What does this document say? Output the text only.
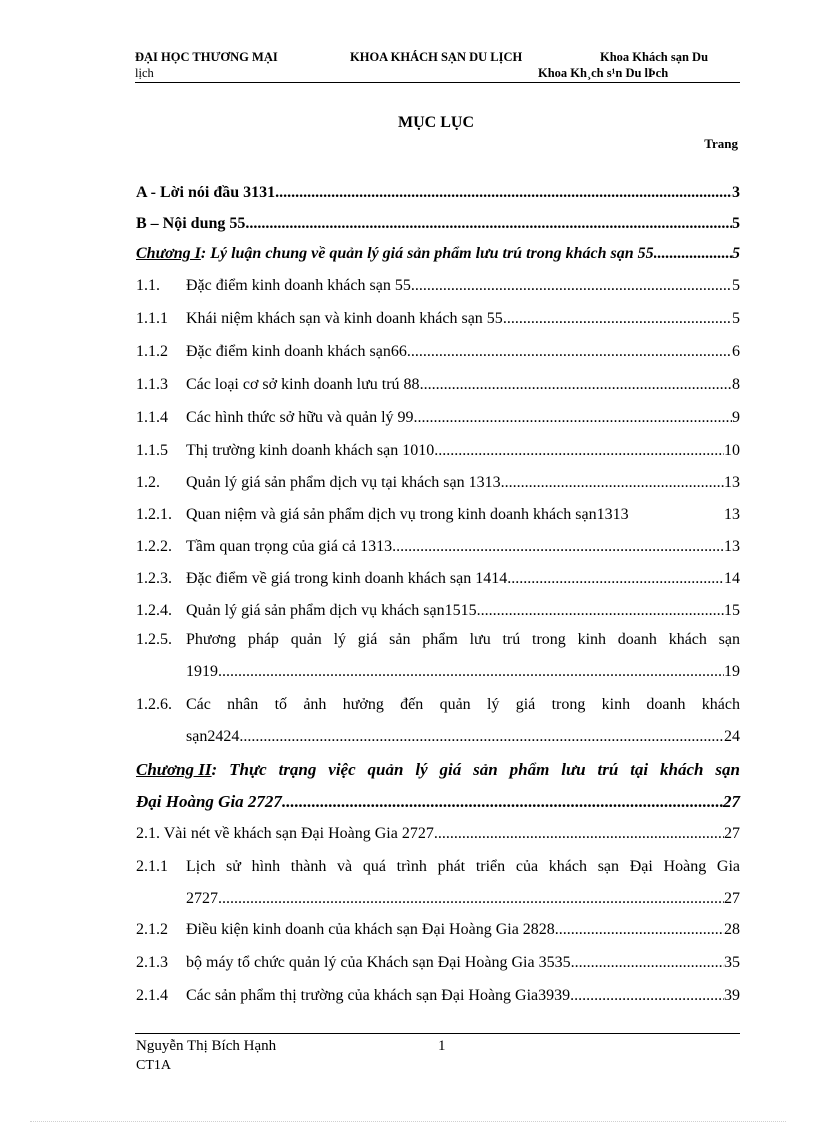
ĐẠI HỌC THƯƠNG MẠI	KHOA KHÁCH SẠN DU LỊCH	Khoa Khách sạn Du
lịch	Khoa Kh¸ch s¹n Du lÞch
MỤC LỤC
Trang
A - Lời nói đầu 3131 .....	3
B – Nội dung 55 .....	5
Chương I : Lý luận chung về quản lý giá sản phẩm lưu trú trong khách sạn 55 .....	5
1.1.	Đặc điểm kinh doanh khách sạn 55 .....	5
1.1.1	Khái niệm khách sạn và kinh doanh khách sạn 55 .....	5
1.1.2	Đặc điểm kinh doanh khách sạn66 .....	6
1.1.3	Các loại cơ sở kinh doanh lưu trú 88 .....	8
1.1.4	Các hình thức sở hữu và quản lý 99 .....	9
1.1.5	Thị trường kinh doanh khách sạn 1010 .....	10
1.2.	Quản lý giá sản phẩm dịch vụ tại khách sạn 1313 .....	13
1.2.1. Quan niệm và giá sản phẩm dịch vụ trong kinh doanh khách sạn1313	13
1.2.2. Tầm quan trọng của giá cả 1313 .....	13
1.2.3. Đặc điểm về giá trong kinh doanh khách sạn 1414 .....	14
1.2.4. Quản lý giá sản phẩm dịch vụ khách sạn1515 .....	15
1.2.5. Phương pháp quản lý giá sản phẩm lưu trú trong kinh doanh khách sạn
1919 .....	19
1.2.6. Các nhân tố ảnh hưởng đến quản lý giá trong kinh doanh khách
sạn2424 .....	24
Chương II : Thực trạng việc quản lý giá sản phẩm lưu trú tại khách sạn
Đại Hoàng Gia 2727 .....	27
2.1. Vài nét về khách sạn Đại Hoàng Gia 2727 .....	27
2.1.1	Lịch sử hình thành và quá trình phát triển của khách sạn Đại Hoàng Gia
2727 .....	27
2.1.2	Điều kiện kinh doanh của khách sạn Đại Hoàng Gia 2828 .....	28
2.1.3	bộ máy tổ chức quản lý của Khách sạn Đại Hoàng Gia 3535 .....	35
2.1.4	Các sản phẩm thị trường của khách sạn Đại Hoàng Gia3939 .....	39
Nguyễn Thị Bích Hạnh	1
CT1A
